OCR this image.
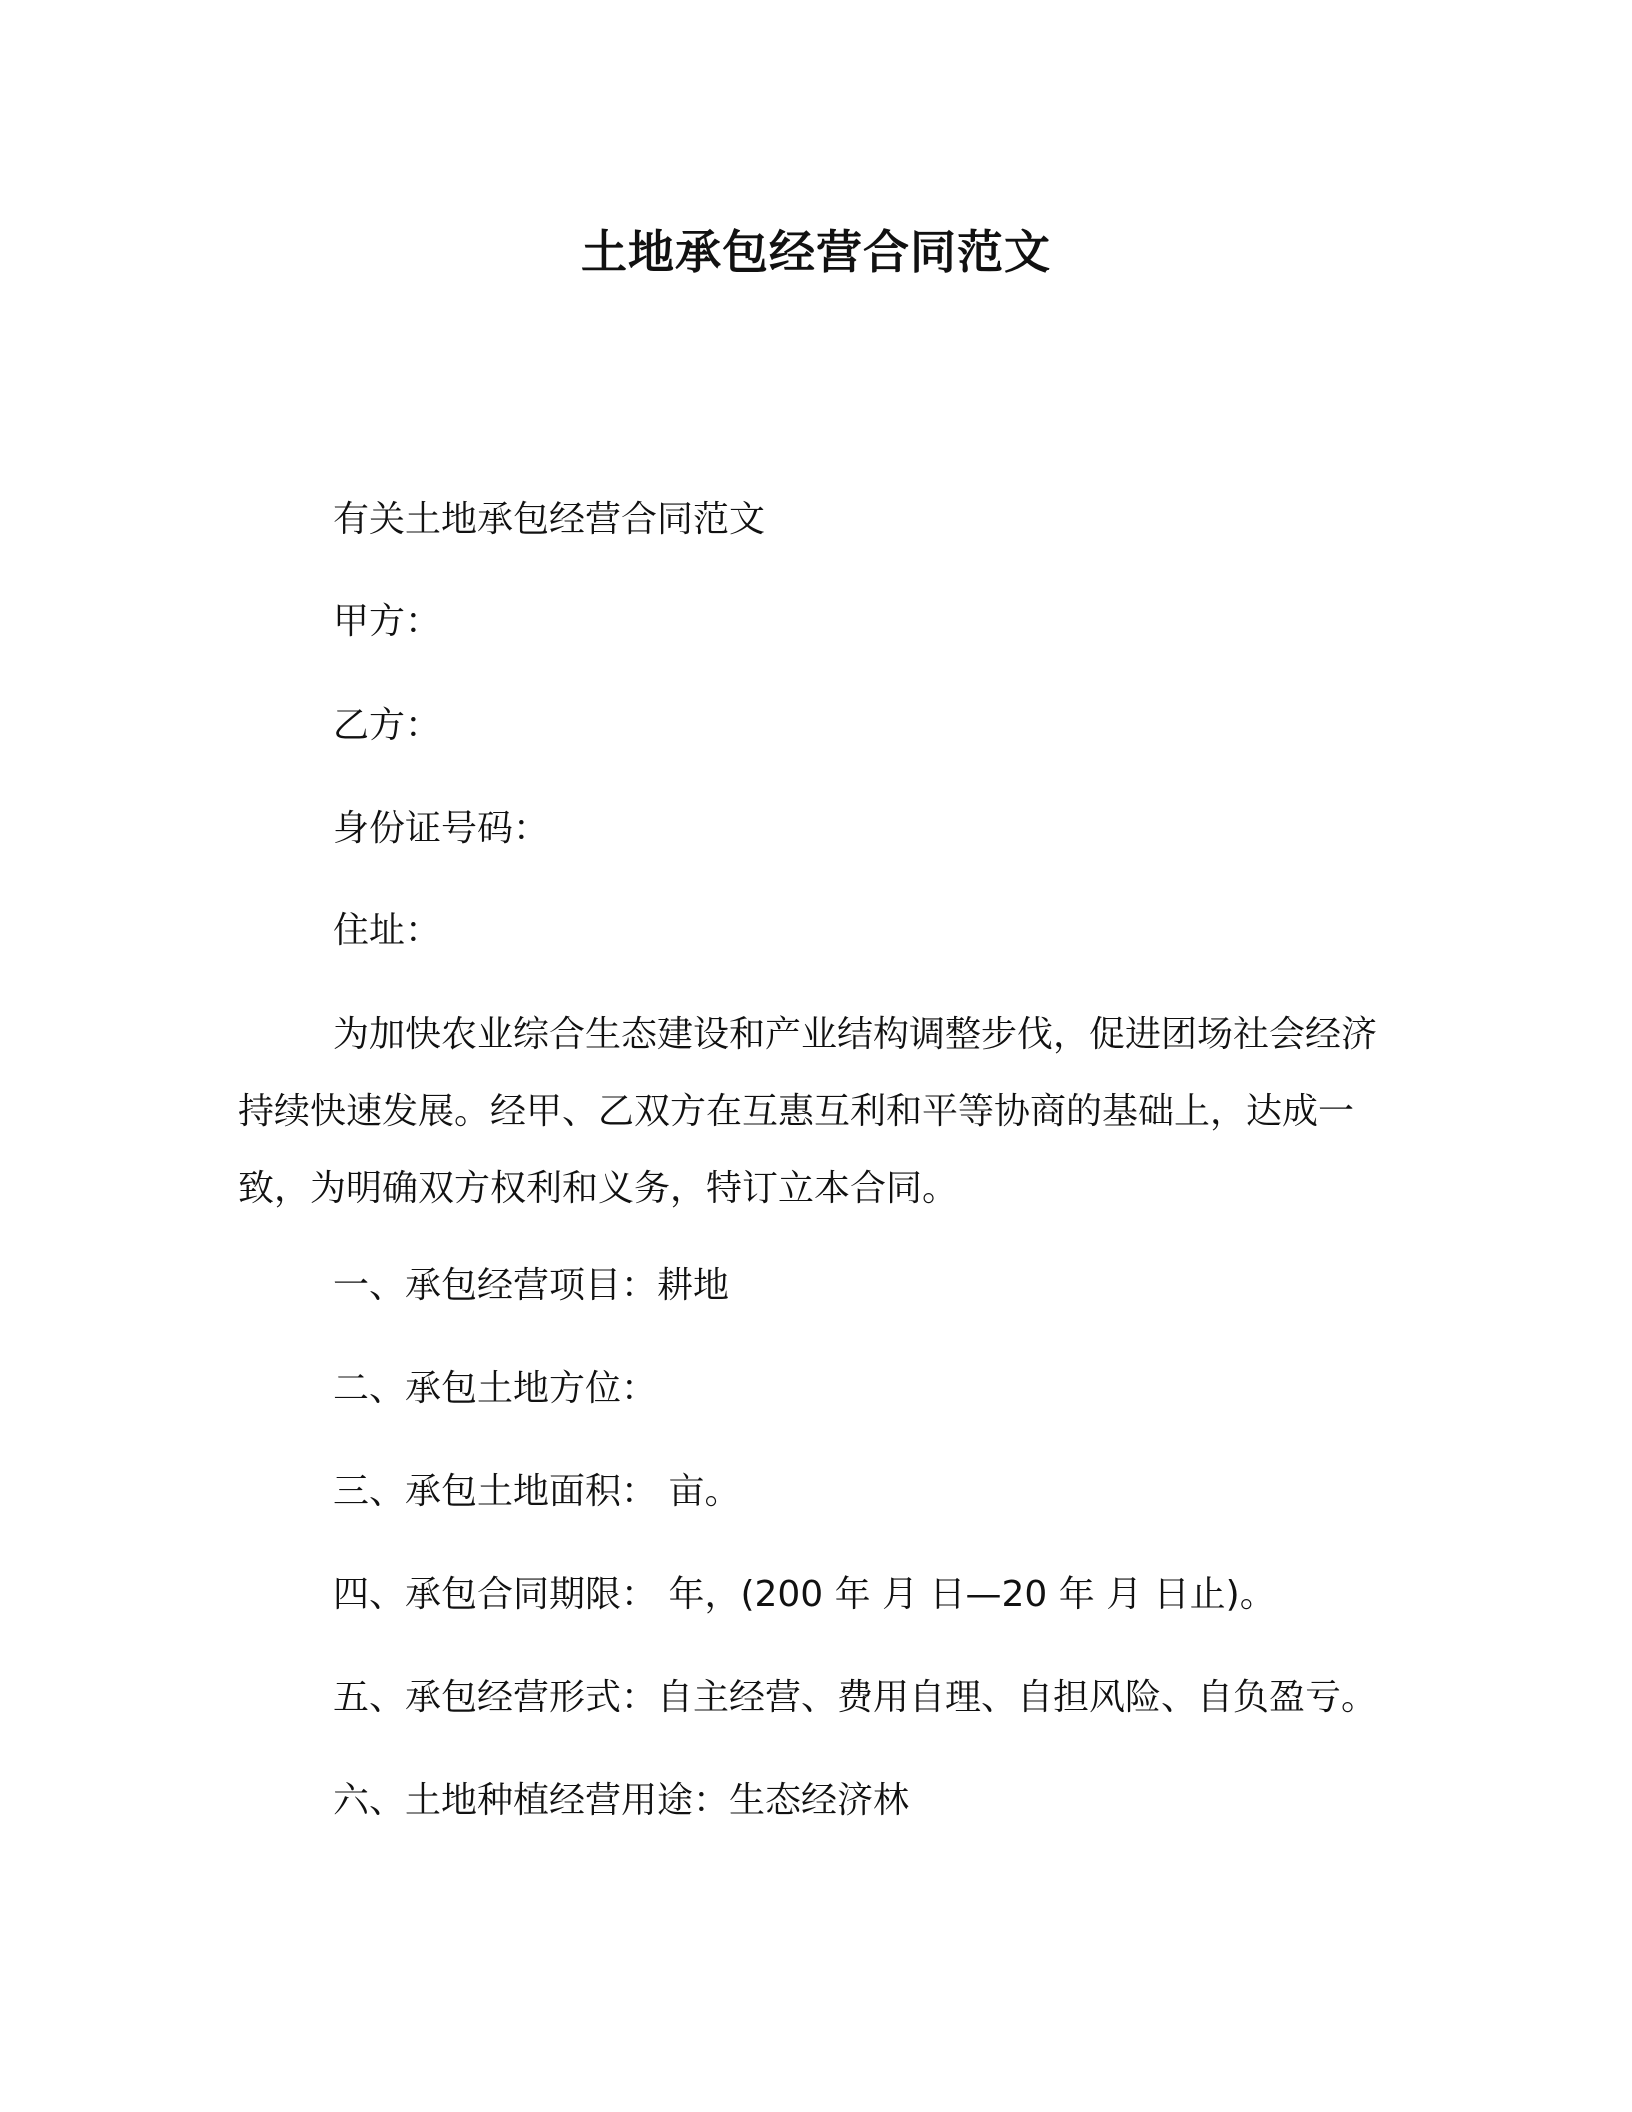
土地承包经营合同范文

有关土地承包经营合同范文

甲方：

乙方：

身份证号码：

住址：

为加快农业综合生态建设和产业结构调整步伐，促进团场社会经济持续快速发展。经甲、乙双方在互惠互利和平等协商的基础上，达成一致，为明确双方权利和义务，特订立本合同。

一、承包经营项目：耕地

二、承包土地方位：

三、承包土地面积： 亩。

四、承包合同期限： 年，(200 年 月 日—20 年 月 日止)。

五、承包经营形式：自主经营、费用自理、自担风险、自负盈亏。

六、土地种植经营用途：生态经济林
